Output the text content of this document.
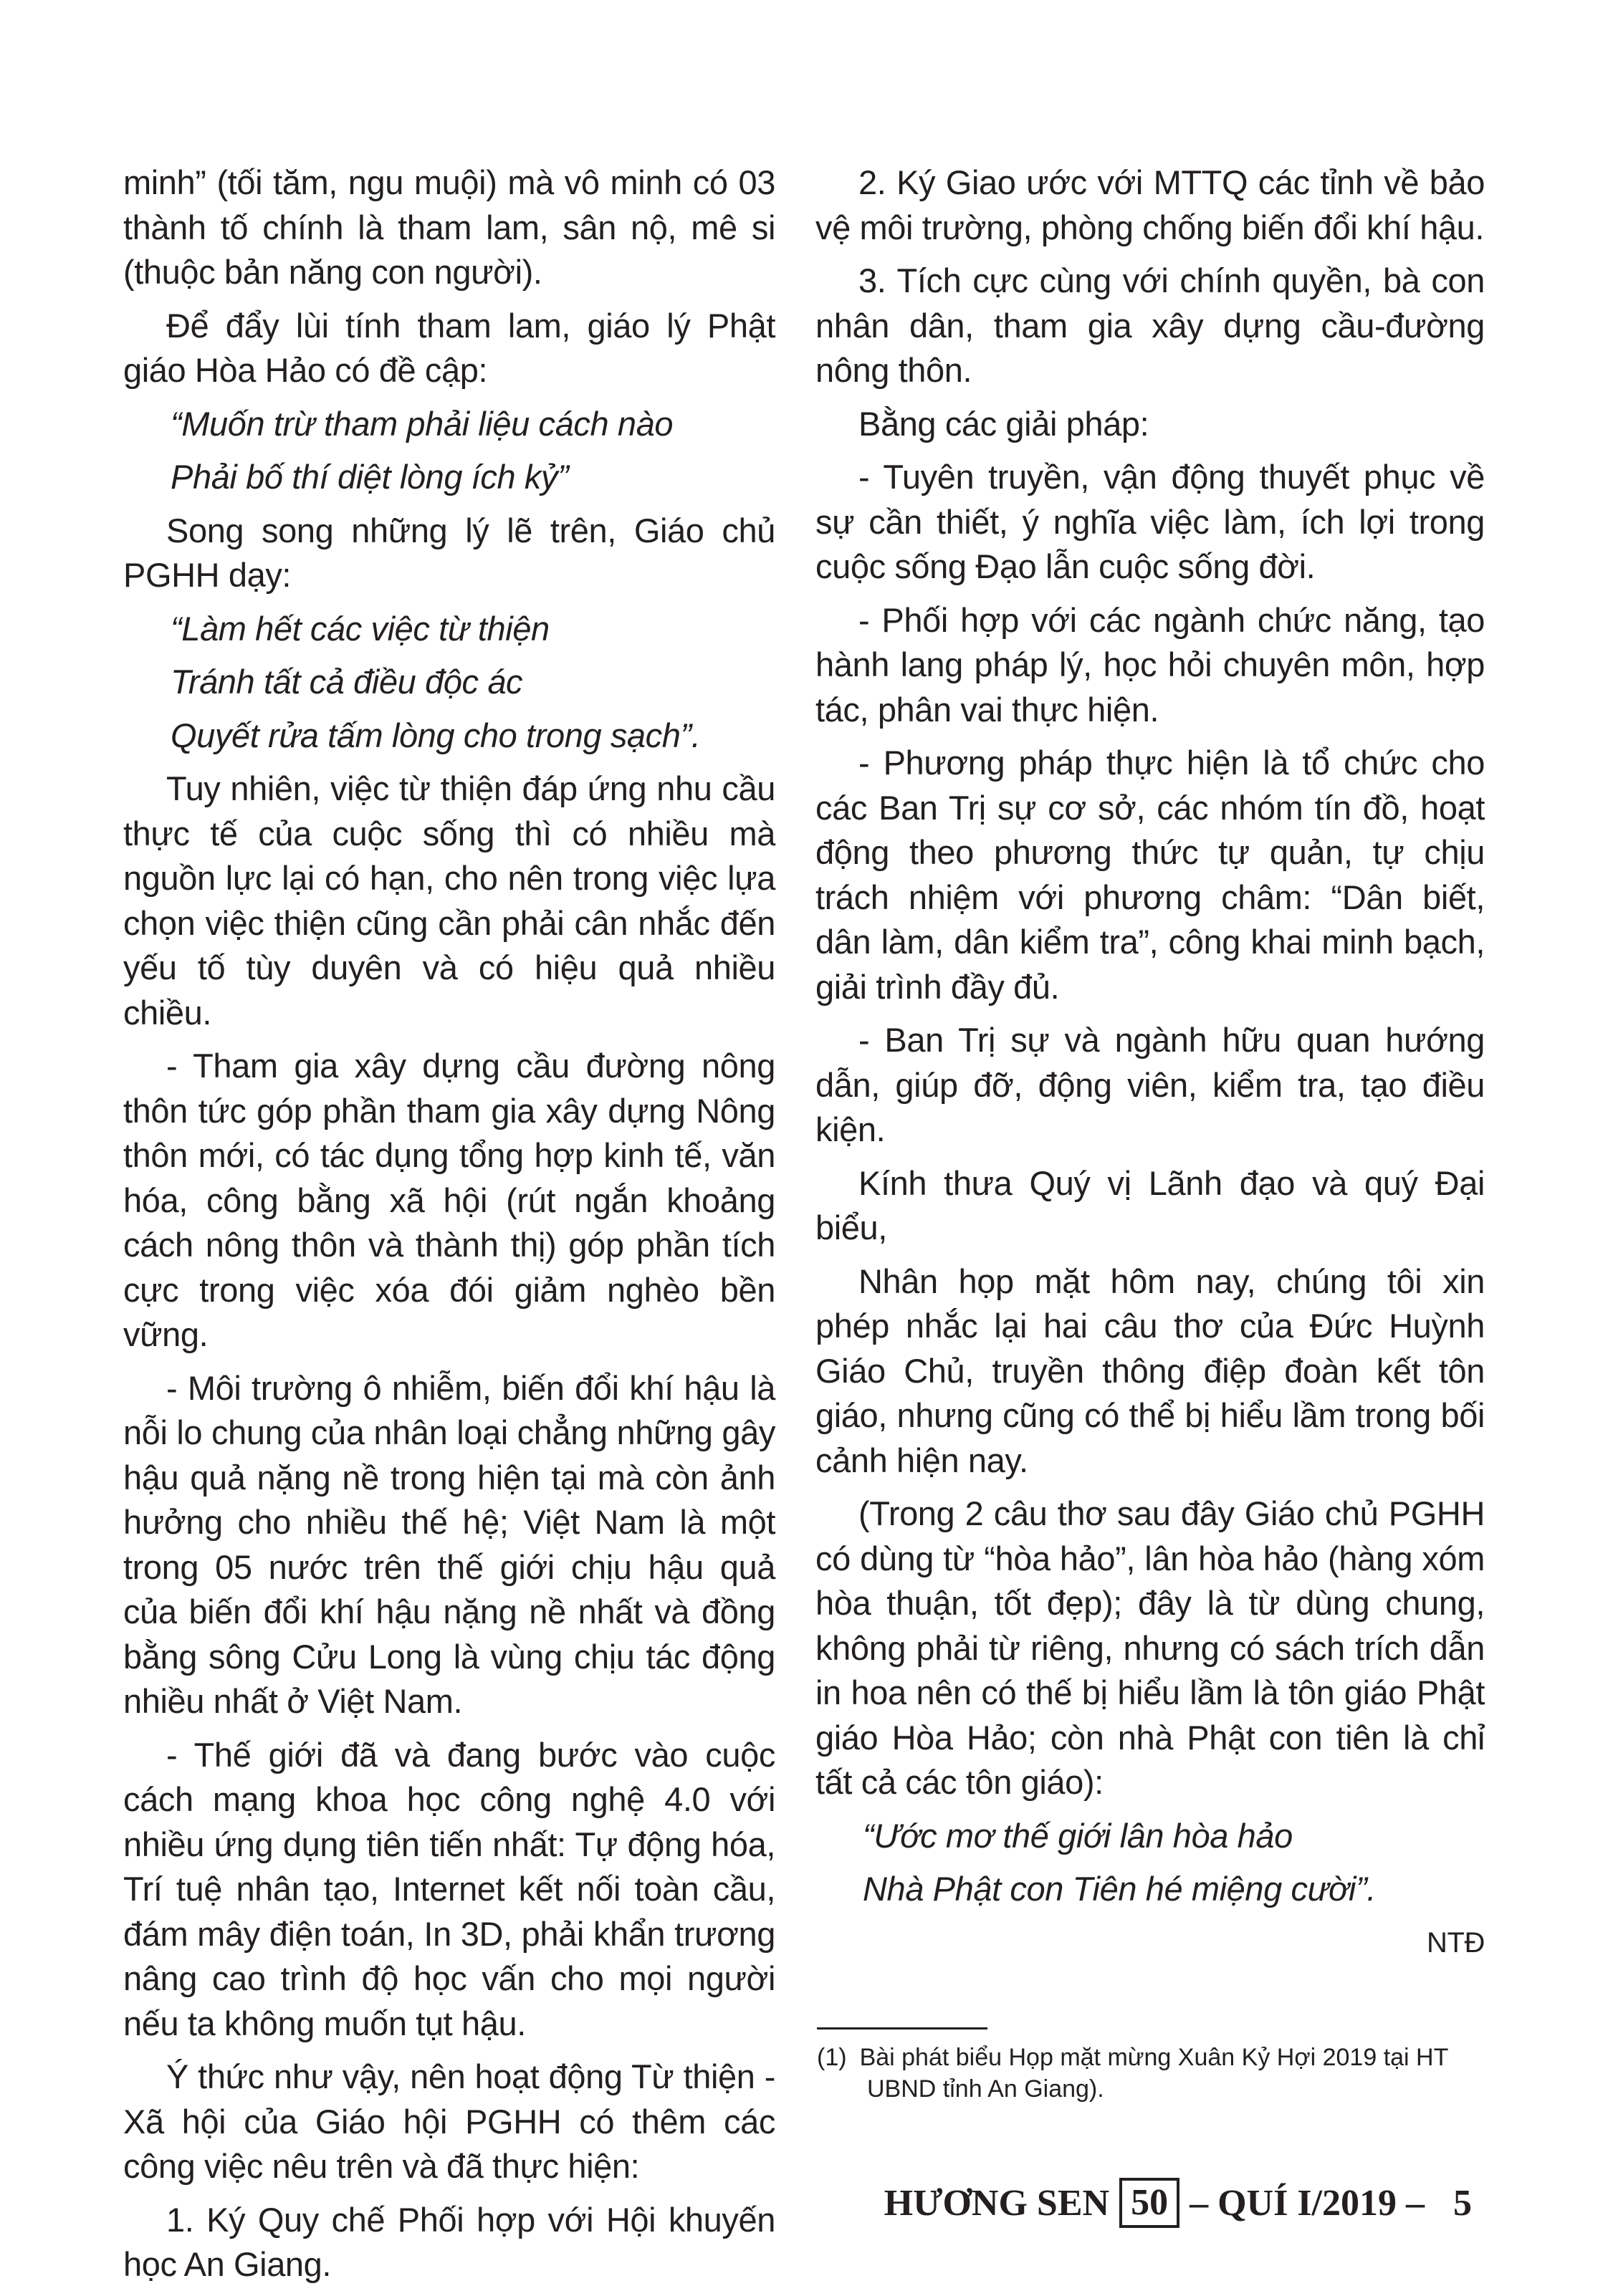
minh” (tối tăm, ngu muội) mà vô minh có 03 thành tố chính là tham lam, sân nộ, mê si (thuộc bản năng con người).

Để đẩy lùi tính tham lam, giáo lý Phật giáo Hòa Hảo có đề cập:

“Muốn trừ tham phải liệu cách nào

Phải bố thí diệt lòng ích kỷ”

Song song những lý lẽ trên, Giáo chủ PGHH dạy:

“Làm hết các việc từ thiện

Tránh tất cả điều độc ác

Quyết rửa tấm lòng cho trong sạch”.

Tuy nhiên, việc từ thiện đáp ứng nhu cầu thực tế của cuộc sống thì có nhiều mà nguồn lực lại có hạn, cho nên trong việc lựa chọn việc thiện cũng cần phải cân nhắc đến yếu tố tùy duyên và có hiệu quả nhiều chiều.

- Tham gia xây dựng cầu đường nông thôn tức góp phần tham gia xây dựng Nông thôn mới, có tác dụng tổng hợp kinh tế, văn hóa, công bằng xã hội (rút ngắn khoảng cách nông thôn và thành thị) góp phần tích cực trong việc xóa đói giảm nghèo bền vững.

- Môi trường ô nhiễm, biến đổi khí hậu là nỗi lo chung của nhân loại chẳng những gây hậu quả nặng nề trong hiện tại mà còn ảnh hưởng cho nhiều thế hệ; Việt Nam là một trong 05 nước trên thế giới chịu hậu quả của biến đổi khí hậu nặng nề nhất và đồng bằng sông Cửu Long là vùng chịu tác động nhiều nhất ở Việt Nam.

- Thế giới đã và đang bước vào cuộc cách mạng khoa học công nghệ 4.0 với nhiều ứng dụng tiên tiến nhất: Tự động hóa, Trí tuệ nhân tạo, Internet kết nối toàn cầu, đám mây điện toán, In 3D, phải khẩn trương nâng cao trình độ học vấn cho mọi người nếu ta không muốn tụt hậu.

Ý thức như vậy, nên hoạt động Từ thiện - Xã hội của Giáo hội PGHH có thêm các công việc nêu trên và đã thực hiện:

1. Ký Quy chế Phối hợp với Hội khuyến học An Giang.

2. Ký Giao ước với MTTQ các tỉnh về bảo vệ môi trường, phòng chống biến đổi khí hậu.

3. Tích cực cùng với chính quyền, bà con nhân dân, tham gia xây dựng cầu-đường nông thôn.

Bằng các giải pháp:

- Tuyên truyền, vận động thuyết phục về sự cần thiết, ý nghĩa việc làm, ích lợi trong cuộc sống Đạo lẫn cuộc sống đời.

- Phối hợp với các ngành chức năng, tạo hành lang pháp lý, học hỏi chuyên môn, hợp tác, phân vai thực hiện.

- Phương pháp thực hiện là tổ chức cho các Ban Trị sự cơ sở, các nhóm tín đồ, hoạt động theo phương thức tự quản, tự chịu trách nhiệm với phương châm: “Dân biết, dân làm, dân kiểm tra”, công khai minh bạch, giải trình đầy đủ.

- Ban Trị sự và ngành hữu quan hướng dẫn, giúp đỡ, động viên, kiểm tra, tạo điều kiện.

Kính thưa Quý vị Lãnh đạo và quý Đại biểu,

Nhân họp mặt hôm nay, chúng tôi xin phép nhắc lại hai câu thơ của Đức Huỳnh Giáo Chủ, truyền thông điệp đoàn kết tôn giáo, nhưng cũng có thể bị hiểu lầm trong bối cảnh hiện nay.

(Trong 2 câu thơ sau đây Giáo chủ PGHH có dùng từ “hòa hảo”, lân hòa hảo (hàng xóm hòa thuận, tốt đẹp); đây là từ dùng chung, không phải từ riêng, nhưng có sách trích dẫn in hoa nên có thế bị hiểu lầm là tôn giáo Phật giáo Hòa Hảo; còn nhà Phật con tiên là chỉ tất cả các tôn giáo):

“Ước mơ thế giới lân hòa hảo

Nhà Phật con Tiên hé miệng cười”.

NTĐ

(1) Bài phát biểu Họp mặt mừng Xuân Kỷ Hợi 2019 tại HT
UBND tỉnh An Giang).
HƯƠNG SEN 50 – QUÍ I/2019 – 5
